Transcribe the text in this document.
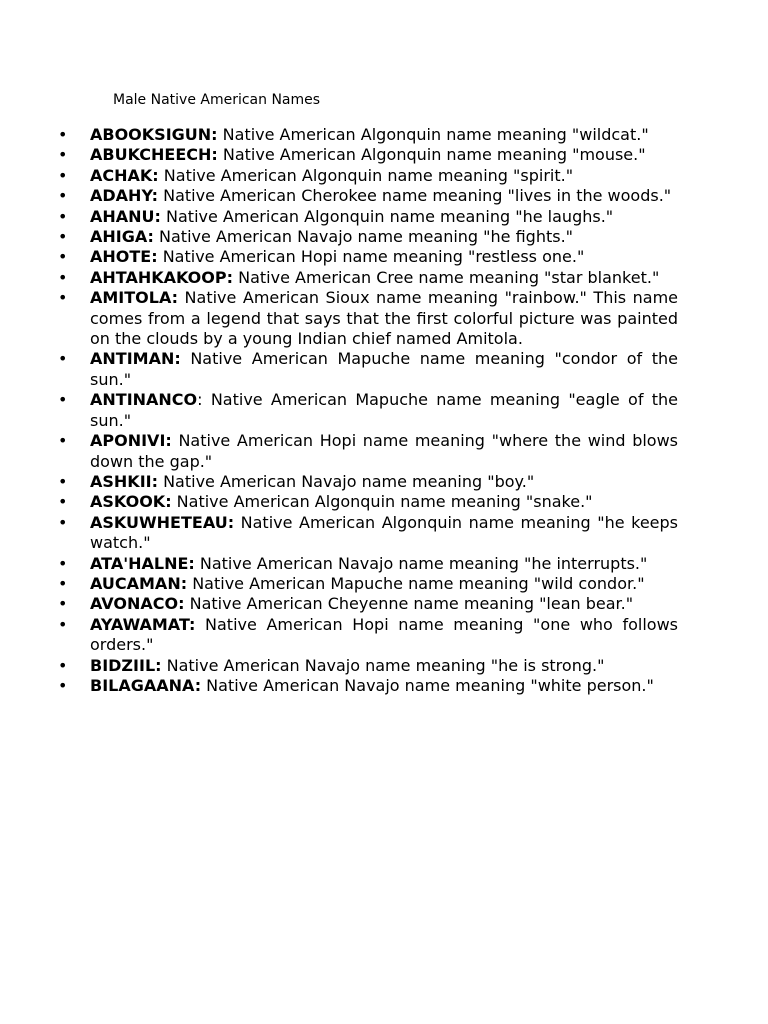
Male Native American Names
• ABOOKSIGUN: Native American Algonquin name meaning "wildcat."
• ABUKCHEECH: Native American Algonquin name meaning "mouse."
• ACHAK: Native American Algonquin name meaning "spirit."
• ADAHY: Native American Cherokee name meaning "lives in the woods."
• AHANU: Native American Algonquin name meaning "he laughs."
• AHIGA: Native American Navajo name meaning "he fights."
• AHOTE: Native American Hopi name meaning "restless one."
• AHTAHKAKOOP: Native American Cree name meaning "star blanket."
• AMITOLA: Native American Sioux name meaning "rainbow." This name comes from a legend that says that the first colorful picture was painted on the clouds by a young Indian chief named Amitola.
• ANTIMAN: Native American Mapuche name meaning "condor of the sun."
• ANTINANCO: Native American Mapuche name meaning "eagle of the sun."
• APONIVI: Native American Hopi name meaning "where the wind blows down the gap."
• ASHKII: Native American Navajo name meaning "boy."
• ASKOOK: Native American Algonquin name meaning "snake."
• ASKUWHETEAU: Native American Algonquin name meaning "he keeps watch."
• ATA'HALNE: Native American Navajo name meaning "he interrupts."
• AUCAMAN: Native American Mapuche name meaning "wild condor."
• AVONACO: Native American Cheyenne name meaning "lean bear."
• AYAWAMAT: Native American Hopi name meaning "one who follows orders."
• BIDZIIL: Native American Navajo name meaning "he is strong."
• BILAGAANA: Native American Navajo name meaning "white person."
